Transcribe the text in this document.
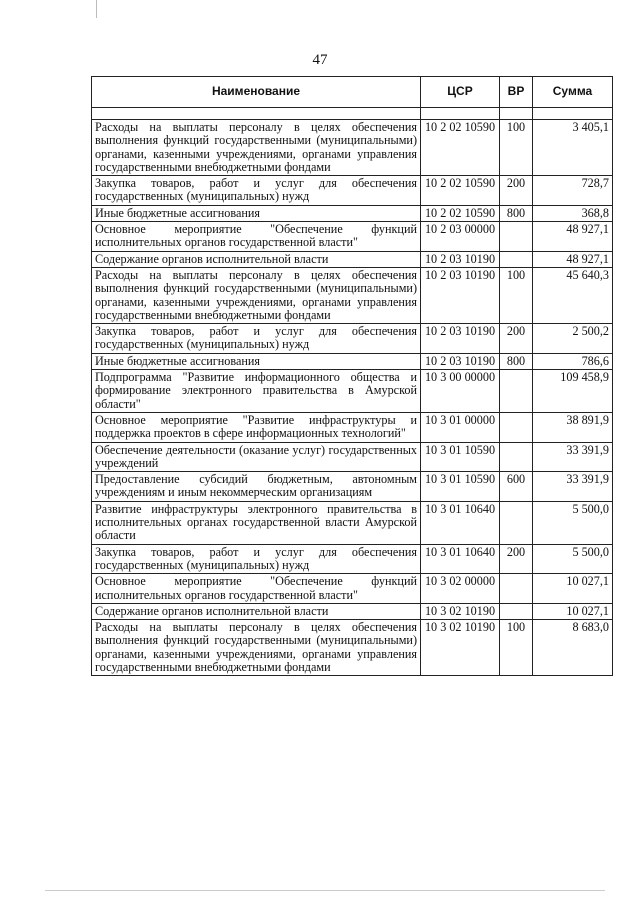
47
Наименование	ЦСР	ВР	Сумма

Расходы на выплаты персоналу в целях обеспечения выполнения функций государственными (муниципальными) органами, казенными учреждениями, органами управления государственными внебюджетными фондами	10 2 02 10590	100	3 405,1
Закупка товаров, работ и услуг для обеспечения государственных (муниципальных) нужд	10 2 02 10590	200	728,7
Иные бюджетные ассигнования	10 2 02 10590	800	368,8
Основное мероприятие "Обеспечение функций исполнительных органов государственной власти"	10 2 03 00000		48 927,1
Содержание органов исполнительной власти	10 2 03 10190		48 927,1
Расходы на выплаты персоналу в целях обеспечения выполнения функций государственными (муниципальными) органами, казенными учреждениями, органами управления государственными внебюджетными фондами	10 2 03 10190	100	45 640,3
Закупка товаров, работ и услуг для обеспечения государственных (муниципальных) нужд	10 2 03 10190	200	2 500,2
Иные бюджетные ассигнования	10 2 03 10190	800	786,6
Подпрограмма "Развитие информационного общества и формирование электронного правительства в Амурской области"	10 3 00 00000		109 458,9
Основное мероприятие "Развитие инфраструктуры и поддержка проектов в сфере информационных технологий"	10 3 01 00000		38 891,9
Обеспечение деятельности (оказание услуг) государственных учреждений	10 3 01 10590		33 391,9
Предоставление субсидий бюджетным, автономным учреждениям и иным некоммерческим организациям	10 3 01 10590	600	33 391,9
Развитие инфраструктуры электронного правительства в исполнительных органах государственной власти Амурской области	10 3 01 10640		5 500,0
Закупка товаров, работ и услуг для обеспечения государственных (муниципальных) нужд	10 3 01 10640	200	5 500,0
Основное мероприятие "Обеспечение функций исполнительных органов государственной власти"	10 3 02 00000		10 027,1
Содержание органов исполнительной власти	10 3 02 10190		10 027,1
Расходы на выплаты персоналу в целях обеспечения выполнения функций государственными (муниципальными) органами, казенными учреждениями, органами управления государственными внебюджетными фондами	10 3 02 10190	100	8 683,0
